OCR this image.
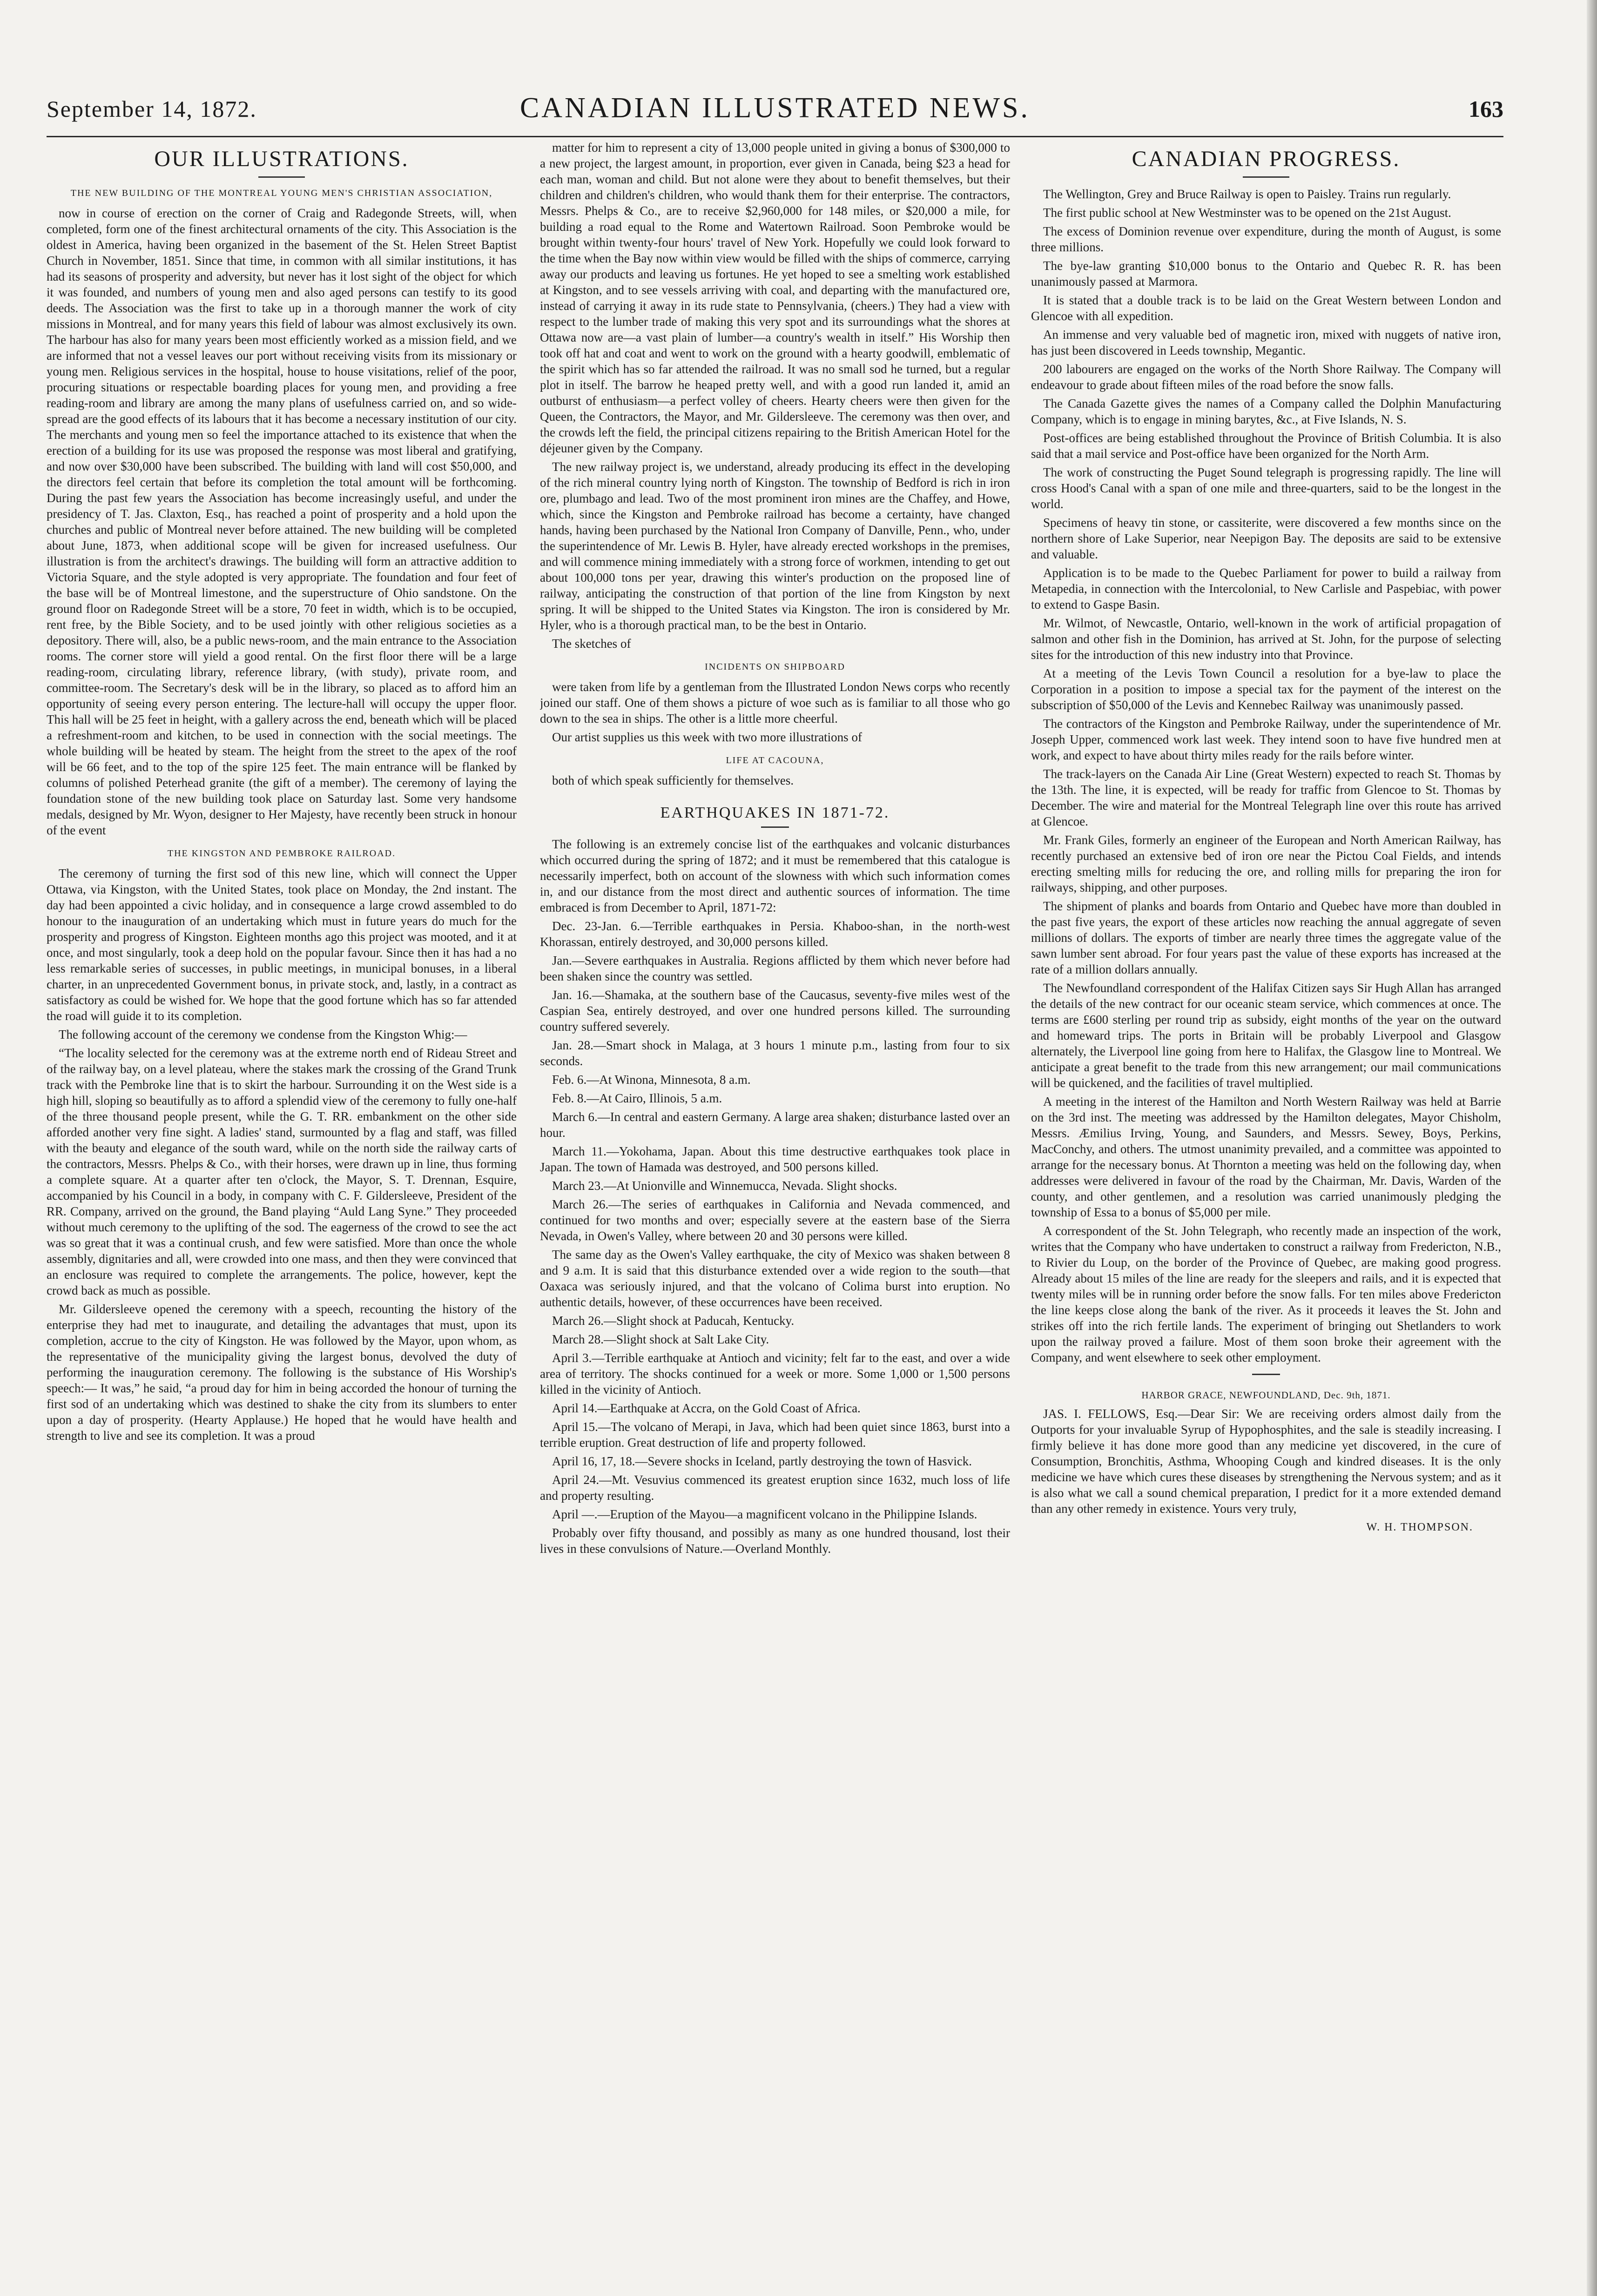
September 14, 1872.	CANADIAN ILLUSTRATED NEWS.	163
OUR ILLUSTRATIONS.
THE NEW BUILDING OF THE MONTREAL YOUNG MEN'S CHRISTIAN ASSOCIATION,

now in course of erection on the corner of Craig and Radegonde Streets, will, when completed, form one of the finest architectural ornaments of the city. This Association is the oldest in America, having been organized in the basement of the St. Helen Street Baptist Church in November, 1851. Since that time, in common with all similar institutions, it has had its seasons of prosperity and adversity, but never has it lost sight of the object for which it was founded, and numbers of young men and also aged persons can testify to its good deeds. The Association was the first to take up in a thorough manner the work of city missions in Montreal, and for many years this field of labour was almost exclusively its own. The harbour has also for many years been most efficiently worked as a mission field, and we are informed that not a vessel leaves our port without receiving visits from its missionary or young men. Religious services in the hospital, house to house visitations, relief of the poor, procuring situations or respectable boarding places for young men, and providing a free reading-room and library are among the many plans of usefulness carried on, and so wide-spread are the good effects of its labours that it has become a necessary institution of our city. The merchants and young men so feel the importance attached to its existence that when the erection of a building for its use was proposed the response was most liberal and gratifying, and now over $30,000 have been subscribed. The building with land will cost $50,000, and the directors feel certain that before its completion the total amount will be forthcoming. During the past few years the Association has become increasingly useful, and under the presidency of T. Jas. Claxton, Esq., has reached a point of prosperity and a hold upon the churches and public of Montreal never before attained. The new building will be completed about June, 1873, when additional scope will be given for increased usefulness. Our illustration is from the architect's drawings. The building will form an attractive addition to Victoria Square, and the style adopted is very appropriate. The foundation and four feet of the base will be of Montreal limestone, and the superstructure of Ohio sandstone. On the ground floor on Radegonde Street will be a store, 70 feet in width, which is to be occupied, rent free, by the Bible Society, and to be used jointly with other religious societies as a depository. There will, also, be a public news-room, and the main entrance to the Association rooms. The corner store will yield a good rental. On the first floor there will be a large reading-room, circulating library, reference library, (with study), private room, and committee-room. The Secretary's desk will be in the library, so placed as to afford him an opportunity of seeing every person entering. The lecture-hall will occupy the upper floor. This hall will be 25 feet in height, with a gallery across the end, beneath which will be placed a refreshment-room and kitchen, to be used in connection with the social meetings. The whole building will be heated by steam. The height from the street to the apex of the roof will be 66 feet, and to the top of the spire 125 feet. The main entrance will be flanked by columns of polished Peterhead granite (the gift of a member). The ceremony of laying the foundation stone of the new building took place on Saturday last. Some very handsome medals, designed by Mr. Wyon, designer to Her Majesty, have recently been struck in honour of the event

THE KINGSTON AND PEMBROKE RAILROAD.

The ceremony of turning the first sod of this new line, which will connect the Upper Ottawa, via Kingston, with the United States, took place on Monday, the 2nd instant. The day had been appointed a civic holiday, and in consequence a large crowd assembled to do honour to the inauguration of an undertaking which must in future years do much for the prosperity and progress of Kingston. Eighteen months ago this project was mooted, and it at once, and most singularly, took a deep hold on the popular favour. Since then it has had a no less remarkable series of successes, in public meetings, in municipal bonuses, in a liberal charter, in an unprecedented Government bonus, in private stock, and, lastly, in a contract as satisfactory as could be wished for. We hope that the good fortune which has so far attended the road will guide it to its completion.

The following account of the ceremony we condense from the Kingston Whig:—

“The locality selected for the ceremony was at the extreme north end of Rideau Street and of the railway bay, on a level plateau, where the stakes mark the crossing of the Grand Trunk track with the Pembroke line that is to skirt the harbour. Surrounding it on the West side is a high hill, sloping so beautifully as to afford a splendid view of the ceremony to fully one-half of the three thousand people present, while the G. T. RR. embankment on the other side afforded another very fine sight. A ladies' stand, surmounted by a flag and staff, was filled with the beauty and elegance of the south ward, while on the north side the railway carts of the contractors, Messrs. Phelps & Co., with their horses, were drawn up in line, thus forming a complete square. At a quarter after ten o'clock, the Mayor, S. T. Drennan, Esquire, accompanied by his Council in a body, in company with C. F. Gildersleeve, President of the RR. Company, arrived on the ground, the Band playing “Auld Lang Syne.” They proceeded without much ceremony to the uplifting of the sod. The eagerness of the crowd to see the act was so great that it was a continual crush, and few were satisfied. More than once the whole assembly, dignitaries and all, were crowded into one mass, and then they were convinced that an enclosure was required to complete the arrangements. The police, however, kept the crowd back as much as possible.

Mr. Gildersleeve opened the ceremony with a speech, recounting the history of the enterprise they had met to inaugurate, and detailing the advantages that must, upon its completion, accrue to the city of Kingston. He was followed by the Mayor, upon whom, as the representative of the municipality giving the largest bonus, devolved the duty of performing the inauguration ceremony. The following is the substance of His Worship's speech:— It was,” he said, “a proud day for him in being accorded the honour of turning the first sod of an undertaking which was destined to shake the city from its slumbers to enter upon a day of prosperity. (Hearty Applause.) He hoped that he would have health and strength to live and see its completion. It was a proud

matter for him to represent a city of 13,000 people united in giving a bonus of $300,000 to a new project, the largest amount, in proportion, ever given in Canada, being $23 a head for each man, woman and child. But not alone were they about to benefit themselves, but their children and children's children, who would thank them for their enterprise. The contractors, Messrs. Phelps & Co., are to receive $2,960,000 for 148 miles, or $20,000 a mile, for building a road equal to the Rome and Watertown Railroad. Soon Pembroke would be brought within twenty-four hours' travel of New York. Hopefully we could look forward to the time when the Bay now within view would be filled with the ships of commerce, carrying away our products and leaving us fortunes. He yet hoped to see a smelting work established at Kingston, and to see vessels arriving with coal, and departing with the manufactured ore, instead of carrying it away in its rude state to Pennsylvania, (cheers.) They had a view with respect to the lumber trade of making this very spot and its surroundings what the shores at Ottawa now are—a vast plain of lumber—a country's wealth in itself.” His Worship then took off hat and coat and went to work on the ground with a hearty goodwill, emblematic of the spirit which has so far attended the railroad. It was no small sod he turned, but a regular plot in itself. The barrow he heaped pretty well, and with a good run landed it, amid an outburst of enthusiasm—a perfect volley of cheers. Hearty cheers were then given for the Queen, the Contractors, the Mayor, and Mr. Gildersleeve. The ceremony was then over, and the crowds left the field, the principal citizens repairing to the British American Hotel for the déjeuner given by the Company.

The new railway project is, we understand, already producing its effect in the developing of the rich mineral country lying north of Kingston. The township of Bedford is rich in iron ore, plumbago and lead. Two of the most prominent iron mines are the Chaffey, and Howe, which, since the Kingston and Pembroke railroad has become a certainty, have changed hands, having been purchased by the National Iron Company of Danville, Penn., who, under the superintendence of Mr. Lewis B. Hyler, have already erected workshops in the premises, and will commence mining immediately with a strong force of workmen, intending to get out about 100,000 tons per year, drawing this winter's production on the proposed line of railway, anticipating the construction of that portion of the line from Kingston by next spring. It will be shipped to the United States via Kingston. The iron is considered by Mr. Hyler, who is a thorough practical man, to be the best in Ontario.

The sketches of

INCIDENTS ON SHIPBOARD

were taken from life by a gentleman from the Illustrated London News corps who recently joined our staff. One of them shows a picture of woe such as is familiar to all those who go down to the sea in ships. The other is a little more cheerful.

Our artist supplies us this week with two more illustrations of

LIFE AT CACOUNA,

both of which speak sufficiently for themselves.

EARTHQUAKES IN 1871-72.

The following is an extremely concise list of the earthquakes and volcanic disturbances which occurred during the spring of 1872; and it must be remembered that this catalogue is necessarily imperfect, both on account of the slowness with which such information comes in, and our distance from the most direct and authentic sources of information. The time embraced is from December to April, 1871-72:

Dec. 23-Jan. 6.—Terrible earthquakes in Persia. Khaboo-shan, in the north-west Khorassan, entirely destroyed, and 30,000 persons killed.

Jan.—Severe earthquakes in Australia. Regions afflicted by them which never before had been shaken since the country was settled.

Jan. 16.—Shamaka, at the southern base of the Caucasus, seventy-five miles west of the Caspian Sea, entirely destroyed, and over one hundred persons killed. The surrounding country suffered severely.

Jan. 28.—Smart shock in Malaga, at 3 hours 1 minute p.m., lasting from four to six seconds.

Feb. 6.—At Winona, Minnesota, 8 a.m.

Feb. 8.—At Cairo, Illinois, 5 a.m.

March 6.—In central and eastern Germany. A large area shaken; disturbance lasted over an hour.

March 11.—Yokohama, Japan. About this time destructive earthquakes took place in Japan. The town of Hamada was destroyed, and 500 persons killed.

March 23.—At Unionville and Winnemucca, Nevada. Slight shocks.

March 26.—The series of earthquakes in California and Nevada commenced, and continued for two months and over; especially severe at the eastern base of the Sierra Nevada, in Owen's Valley, where between 20 and 30 persons were killed.

The same day as the Owen's Valley earthquake, the city of Mexico was shaken between 8 and 9 a.m. It is said that this disturbance extended over a wide region to the south—that Oaxaca was seriously injured, and that the volcano of Colima burst into eruption. No authentic details, however, of these occurrences have been received.

March 26.—Slight shock at Paducah, Kentucky.

March 28.—Slight shock at Salt Lake City.

April 3.—Terrible earthquake at Antioch and vicinity; felt far to the east, and over a wide area of territory. The shocks continued for a week or more. Some 1,000 or 1,500 persons killed in the vicinity of Antioch.

April 14.—Earthquake at Accra, on the Gold Coast of Africa.

April 15.—The volcano of Merapi, in Java, which had been quiet since 1863, burst into a terrible eruption. Great destruction of life and property followed.

April 16, 17, 18.—Severe shocks in Iceland, partly destroying the town of Hasvick.

April 24.—Mt. Vesuvius commenced its greatest eruption since 1632, much loss of life and property resulting.

April —.—Eruption of the Mayou—a magnificent volcano in the Philippine Islands.

Probably over fifty thousand, and possibly as many as one hundred thousand, lost their lives in these convulsions of Nature.—Overland Monthly.

CANADIAN PROGRESS.

The Wellington, Grey and Bruce Railway is open to Paisley. Trains run regularly.

The first public school at New Westminster was to be opened on the 21st August.

The excess of Dominion revenue over expenditure, during the month of August, is some three millions.

The bye-law granting $10,000 bonus to the Ontario and Quebec R. R. has been unanimously passed at Marmora.

It is stated that a double track is to be laid on the Great Western between London and Glencoe with all expedition.

An immense and very valuable bed of magnetic iron, mixed with nuggets of native iron, has just been discovered in Leeds township, Megantic.

200 labourers are engaged on the works of the North Shore Railway. The Company will endeavour to grade about fifteen miles of the road before the snow falls.

The Canada Gazette gives the names of a Company called the Dolphin Manufacturing Company, which is to engage in mining barytes, &c., at Five Islands, N. S.

Post-offices are being established throughout the Province of British Columbia. It is also said that a mail service and Post-office have been organized for the North Arm.

The work of constructing the Puget Sound telegraph is progressing rapidly. The line will cross Hood's Canal with a span of one mile and three-quarters, said to be the longest in the world.

Specimens of heavy tin stone, or cassiterite, were discovered a few months since on the northern shore of Lake Superior, near Neepigon Bay. The deposits are said to be extensive and valuable.

Application is to be made to the Quebec Parliament for power to build a railway from Metapedia, in connection with the Intercolonial, to New Carlisle and Paspebiac, with power to extend to Gaspe Basin.

Mr. Wilmot, of Newcastle, Ontario, well-known in the work of artificial propagation of salmon and other fish in the Dominion, has arrived at St. John, for the purpose of selecting sites for the introduction of this new industry into that Province.

At a meeting of the Levis Town Council a resolution for a bye-law to place the Corporation in a position to impose a special tax for the payment of the interest on the subscription of $50,000 of the Levis and Kennebec Railway was unanimously passed.

The contractors of the Kingston and Pembroke Railway, under the superintendence of Mr. Joseph Upper, commenced work last week. They intend soon to have five hundred men at work, and expect to have about thirty miles ready for the rails before winter.

The track-layers on the Canada Air Line (Great Western) expected to reach St. Thomas by the 13th. The line, it is expected, will be ready for traffic from Glencoe to St. Thomas by December. The wire and material for the Montreal Telegraph line over this route has arrived at Glencoe.

Mr. Frank Giles, formerly an engineer of the European and North American Railway, has recently purchased an extensive bed of iron ore near the Pictou Coal Fields, and intends erecting smelting mills for reducing the ore, and rolling mills for preparing the iron for railways, shipping, and other purposes.

The shipment of planks and boards from Ontario and Quebec have more than doubled in the past five years, the export of these articles now reaching the annual aggregate of seven millions of dollars. The exports of timber are nearly three times the aggregate value of the sawn lumber sent abroad. For four years past the value of these exports has increased at the rate of a million dollars annually.

The Newfoundland correspondent of the Halifax Citizen says Sir Hugh Allan has arranged the details of the new contract for our oceanic steam service, which commences at once. The terms are £600 sterling per round trip as subsidy, eight months of the year on the outward and homeward trips. The ports in Britain will be probably Liverpool and Glasgow alternately, the Liverpool line going from here to Halifax, the Glasgow line to Montreal. We anticipate a great benefit to the trade from this new arrangement; our mail communications will be quickened, and the facilities of travel multiplied.

A meeting in the interest of the Hamilton and North Western Railway was held at Barrie on the 3rd inst. The meeting was addressed by the Hamilton delegates, Mayor Chisholm, Messrs. Æmilius Irving, Young, and Saunders, and Messrs. Sewey, Boys, Perkins, MacConchy, and others. The utmost unanimity prevailed, and a committee was appointed to arrange for the necessary bonus. At Thornton a meeting was held on the following day, when addresses were delivered in favour of the road by the Chairman, Mr. Davis, Warden of the county, and other gentlemen, and a resolution was carried unanimously pledging the township of Essa to a bonus of $5,000 per mile.

A correspondent of the St. John Telegraph, who recently made an inspection of the work, writes that the Company who have undertaken to construct a railway from Fredericton, N.B., to Rivier du Loup, on the border of the Province of Quebec, are making good progress. Already about 15 miles of the line are ready for the sleepers and rails, and it is expected that twenty miles will be in running order before the snow falls. For ten miles above Fredericton the line keeps close along the bank of the river. As it proceeds it leaves the St. John and strikes off into the rich fertile lands. The experiment of bringing out Shetlanders to work upon the railway proved a failure. Most of them soon broke their agreement with the Company, and went elsewhere to seek other employment.

HARBOR GRACE, NEWFOUNDLAND, Dec. 9th, 1871.

JAS. I. FELLOWS, Esq.—Dear Sir: We are receiving orders almost daily from the Outports for your invaluable Syrup of Hypophosphites, and the sale is steadily increasing. I firmly believe it has done more good than any medicine yet discovered, in the cure of Consumption, Bronchitis, Asthma, Whooping Cough and kindred diseases. It is the only medicine we have which cures these diseases by strengthening the Nervous system; and as it is also what we call a sound chemical preparation, I predict for it a more extended demand than any other remedy in existence. Yours very truly,

W. H. THOMPSON.
